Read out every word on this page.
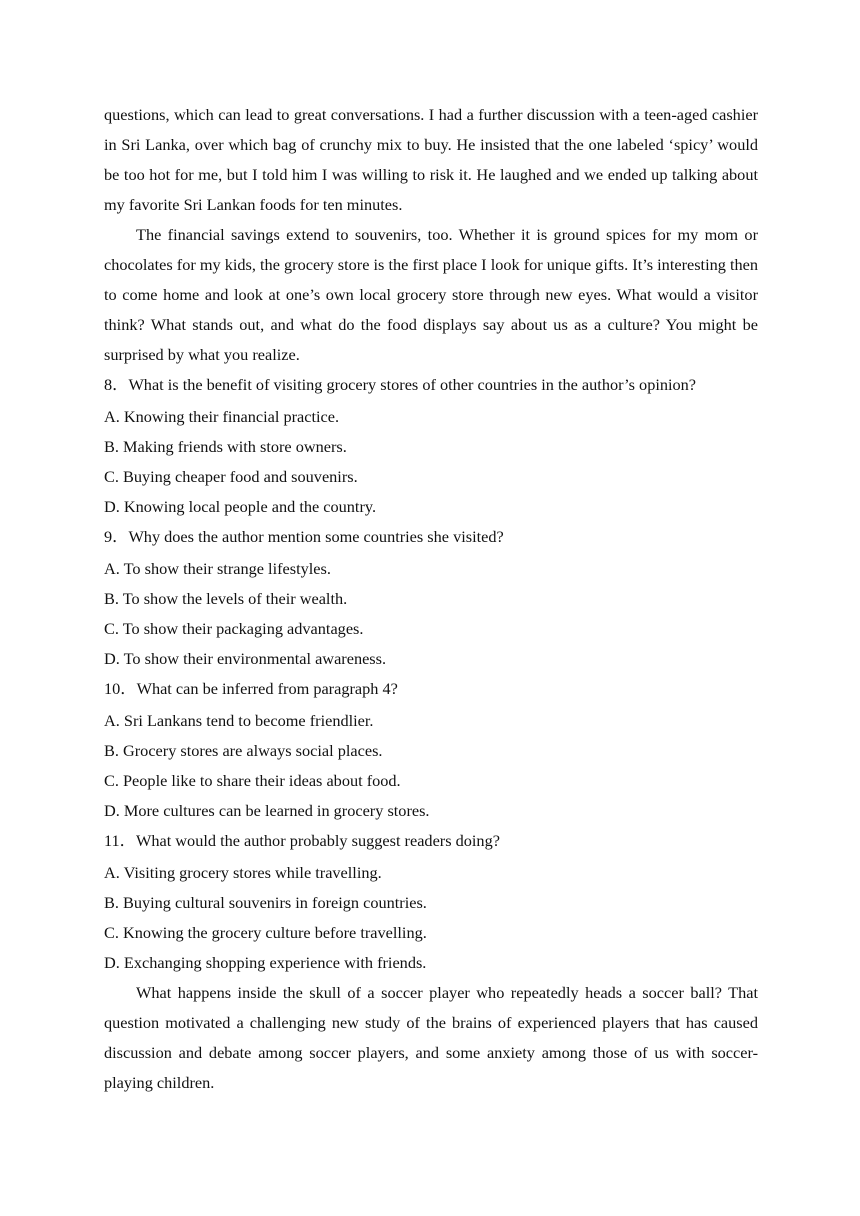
questions, which can lead to great conversations. I had a further discussion with a teen-aged cashier in Sri Lanka, over which bag of crunchy mix to buy. He insisted that the one labeled ‘spicy’ would be too hot for me, but I told him I was willing to risk it. He laughed and we ended up talking about my favorite Sri Lankan foods for ten minutes.

The financial savings extend to souvenirs, too. Whether it is ground spices for my mom or chocolates for my kids, the grocery store is the first place I look for unique gifts. It’s interesting then to come home and look at one’s own local grocery store through new eyes. What would a visitor think? What stands out, and what do the food displays say about us as a culture? You might be surprised by what you realize.

8．What is the benefit of visiting grocery stores of other countries in the author’s opinion?

A. Knowing their financial practice.

B. Making friends with store owners.

C. Buying cheaper food and souvenirs.

D. Knowing local people and the country.

9．Why does the author mention some countries she visited?

A. To show their strange lifestyles.

B. To show the levels of their wealth.

C. To show their packaging advantages.

D. To show their environmental awareness.

10．What can be inferred from paragraph 4?

A. Sri Lankans tend to become friendlier.

B. Grocery stores are always social places.

C. People like to share their ideas about food.

D. More cultures can be learned in grocery stores.

11．What would the author probably suggest readers doing?

A. Visiting grocery stores while travelling.

B. Buying cultural souvenirs in foreign countries.

C. Knowing the grocery culture before travelling.

D. Exchanging shopping experience with friends.

What happens inside the skull of a soccer player who repeatedly heads a soccer ball? That question motivated a challenging new study of the brains of experienced players that has caused discussion and debate among soccer players, and some anxiety among those of us with soccer-playing children.
